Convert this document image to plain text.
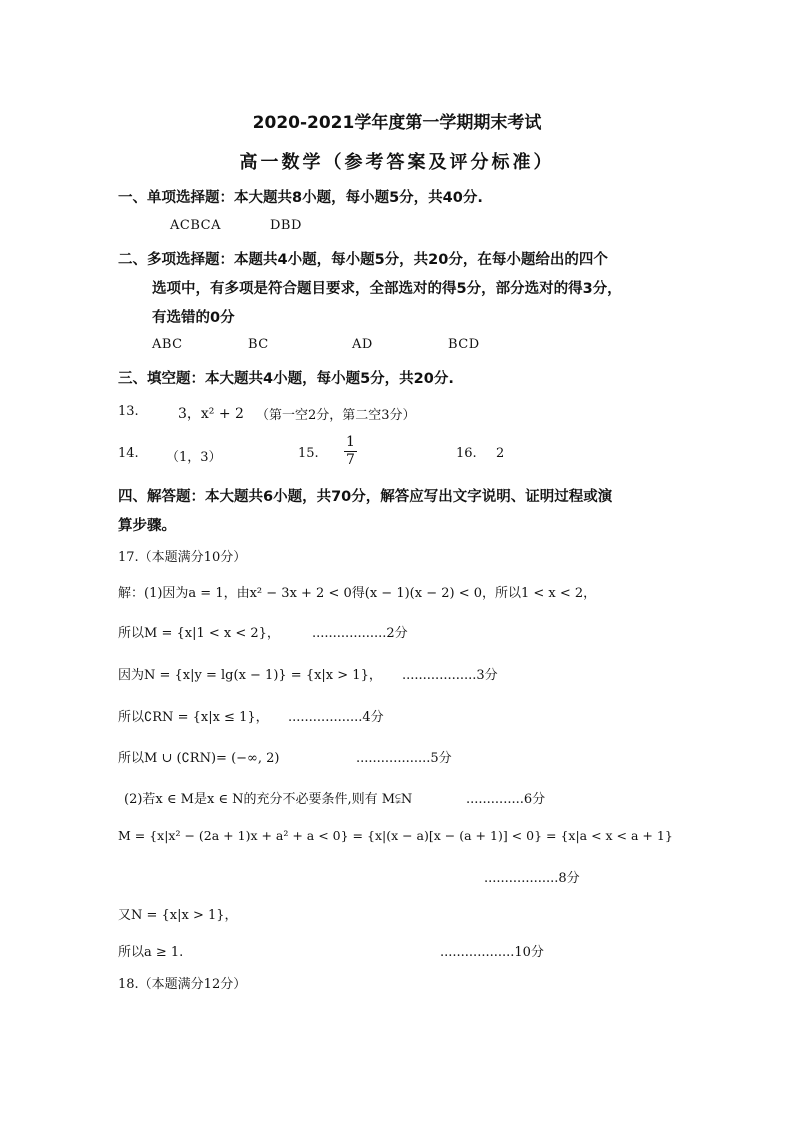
2020-2021学年度第一学期期末考试
高一数学（参考答案及评分标准）
一、单项选择题：本大题共8小题，每小题5分，共40分.
ACBCA	DBD
二、多项选择题：本题共4小题，每小题5分，共20分，在每小题给出的四个
选项中，有多项是符合题目要求，全部选对的得5分，部分选对的得3分，
有选错的0分
ABC	BC	AD	BCD
三、填空题：本大题共4小题，每小题5分，共20分.
13.	3，x² + 2 （第一空2分，第二空3分）
14. （1，3）	15. $\frac{1}{7}$	16. 2
四、解答题：本大题共6小题，共70分，解答应写出文字说明、证明过程或演
算步骤。
17.（本题满分10分）
解：(1)因为a = 1，由x² − 3x + 2 < 0得(x − 1)(x − 2) < 0，所以1 < x < 2，
所以M = {x|1 < x < 2}， ..................2分
因为N = {x|y = lg(x − 1)} = {x|x > 1}， ..................3分
所以∁RN = {x|x ≤ 1}， ..................4分
所以M ∪ (∁RN)= (−∞, 2)	..................5分
(2)若x ∈ M是x ∈ N的充分不必要条件,则有 M⫋N	..............6分
M = {x|x² − (2a + 1)x + a² + a < 0} = {x|(x − a)[x − (a + 1)] < 0} = {x|a < x < a + 1}
..................8分
又N = {x|x > 1}，
所以a ≥ 1.	..................10分
18.（本题满分12分）
